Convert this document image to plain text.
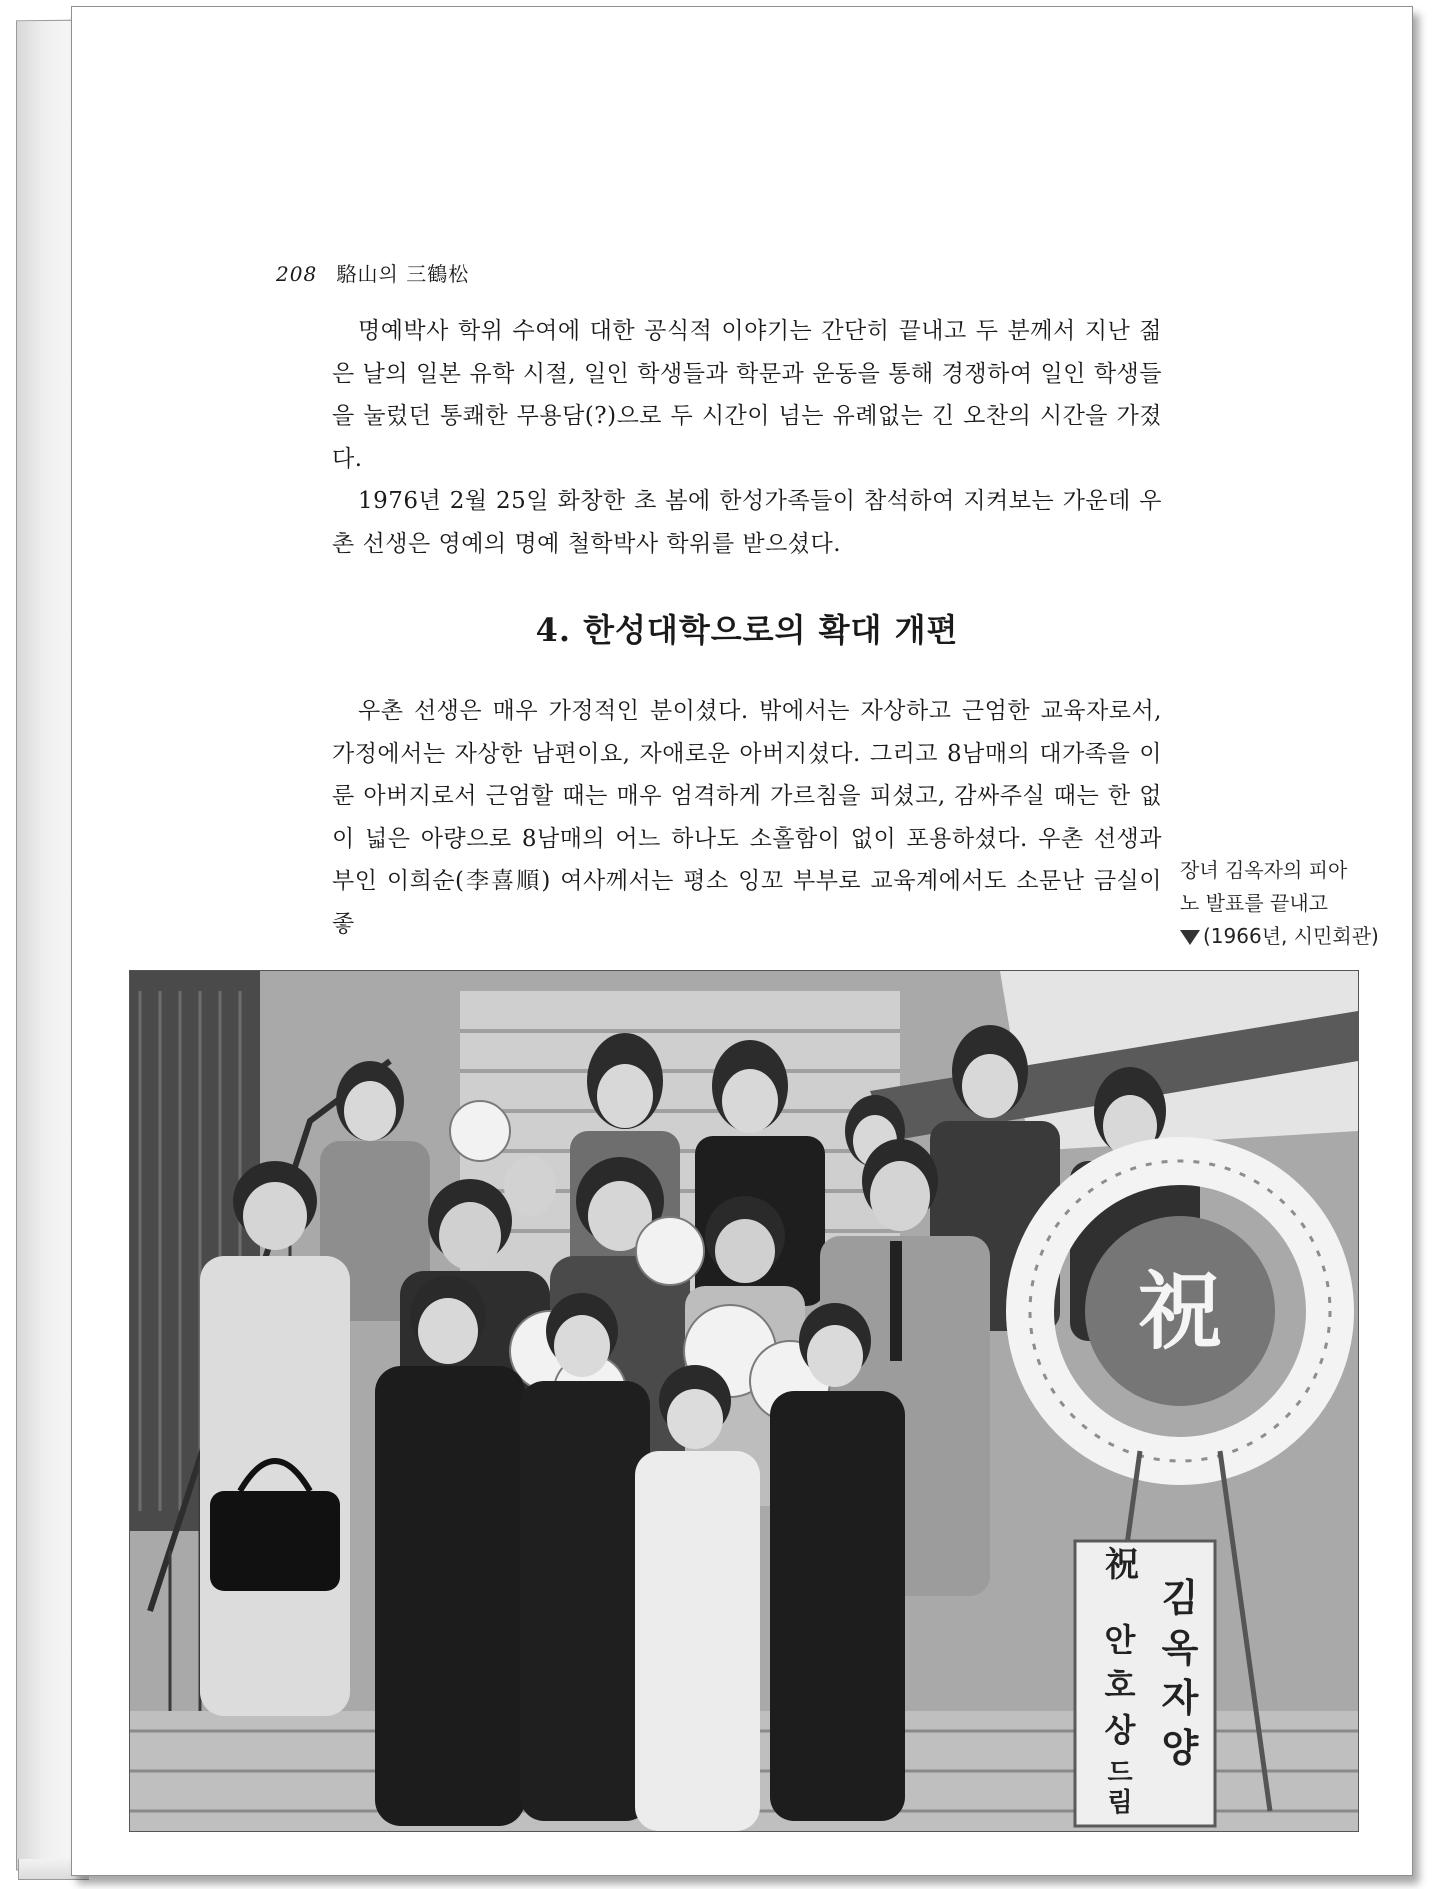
208 駱山의 三鶴松

명예박사 학위 수여에 대한 공식적 이야기는 간단히 끝내고 두 분께서 지난 젊은 날의 일본 유학 시절, 일인 학생들과 학문과 운동을 통해 경쟁하여 일인 학생들을 눌렀던 통쾌한 무용담(?)으로 두 시간이 넘는 유례없는 긴 오찬의 시간을 가졌다.

1976년 2월 25일 화창한 초 봄에 한성가족들이 참석하여 지켜보는 가운데 우촌 선생은 영예의 명예 철학박사 학위를 받으셨다.

4. 한성대학으로의 확대 개편

우촌 선생은 매우 가정적인 분이셨다. 밖에서는 자상하고 근엄한 교육자로서, 가정에서는 자상한 남편이요, 자애로운 아버지셨다. 그리고 8남매의 대가족을 이룬 아버지로서 근엄할 때는 매우 엄격하게 가르침을 피셨고, 감싸주실 때는 한 없이 넓은 아량으로 8남매의 어느 하나도 소홀함이 없이 포용하셨다. 우촌 선생과 부인 이희순(李喜順) 여사께서는 평소 잉꼬 부부로 교육계에서도 소문난 금실이 좋

장녀 김옥자의 피아
노 발표를 끝내고
(1966년, 시민회관)
祝
祝
김
옥
자
양
안
호
상
드
림
